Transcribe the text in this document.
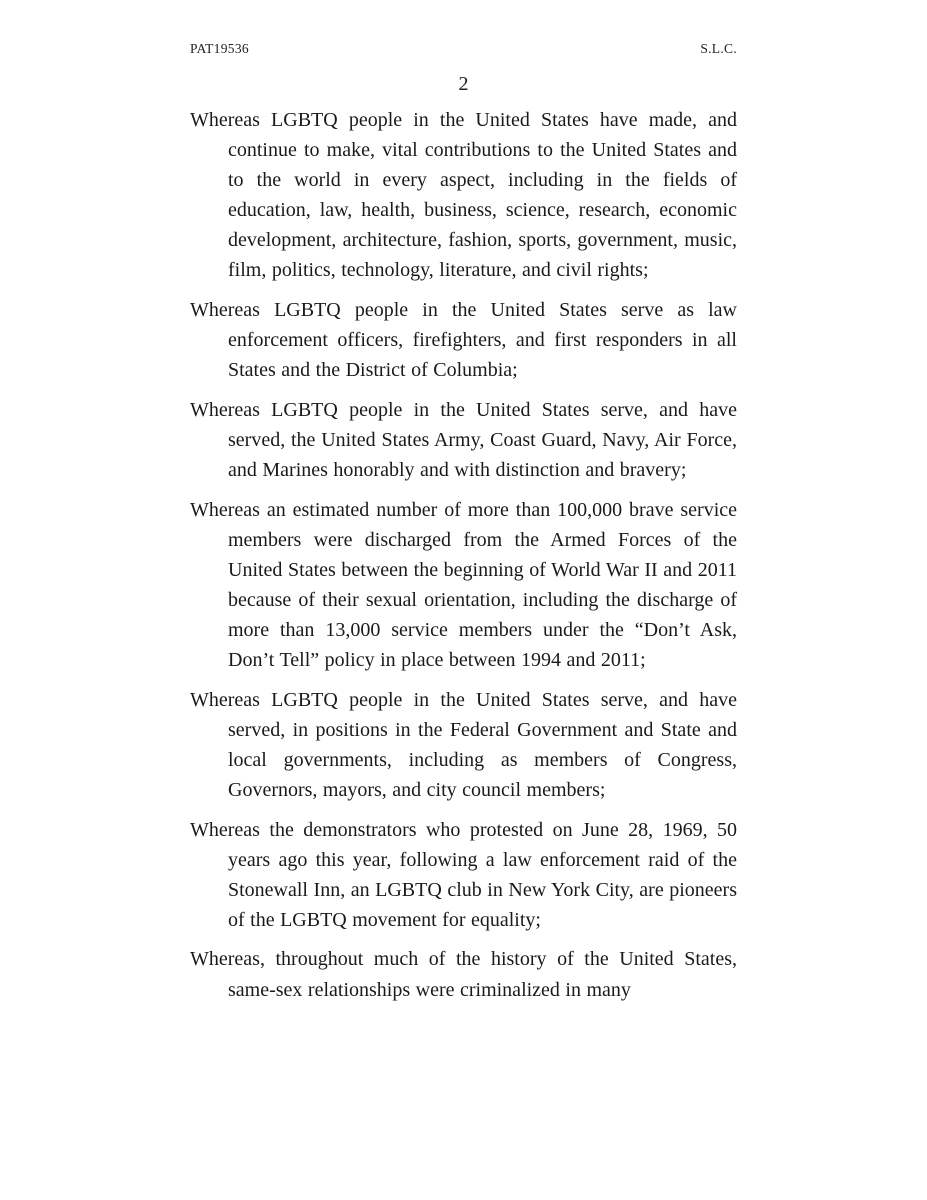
PAT19536	S.L.C.
2

Whereas LGBTQ people in the United States have made, and continue to make, vital contributions to the United States and to the world in every aspect, including in the fields of education, law, health, business, science, research, economic development, architecture, fashion, sports, government, music, film, politics, technology, literature, and civil rights;

Whereas LGBTQ people in the United States serve as law enforcement officers, firefighters, and first responders in all States and the District of Columbia;

Whereas LGBTQ people in the United States serve, and have served, the United States Army, Coast Guard, Navy, Air Force, and Marines honorably and with distinction and bravery;

Whereas an estimated number of more than 100,000 brave service members were discharged from the Armed Forces of the United States between the beginning of World War II and 2011 because of their sexual orientation, including the discharge of more than 13,000 service members under the “Don’t Ask, Don’t Tell” policy in place between 1994 and 2011;

Whereas LGBTQ people in the United States serve, and have served, in positions in the Federal Government and State and local governments, including as members of Congress, Governors, mayors, and city council members;

Whereas the demonstrators who protested on June 28, 1969, 50 years ago this year, following a law enforcement raid of the Stonewall Inn, an LGBTQ club in New York City, are pioneers of the LGBTQ movement for equality;

Whereas, throughout much of the history of the United States, same-sex relationships were criminalized in many
